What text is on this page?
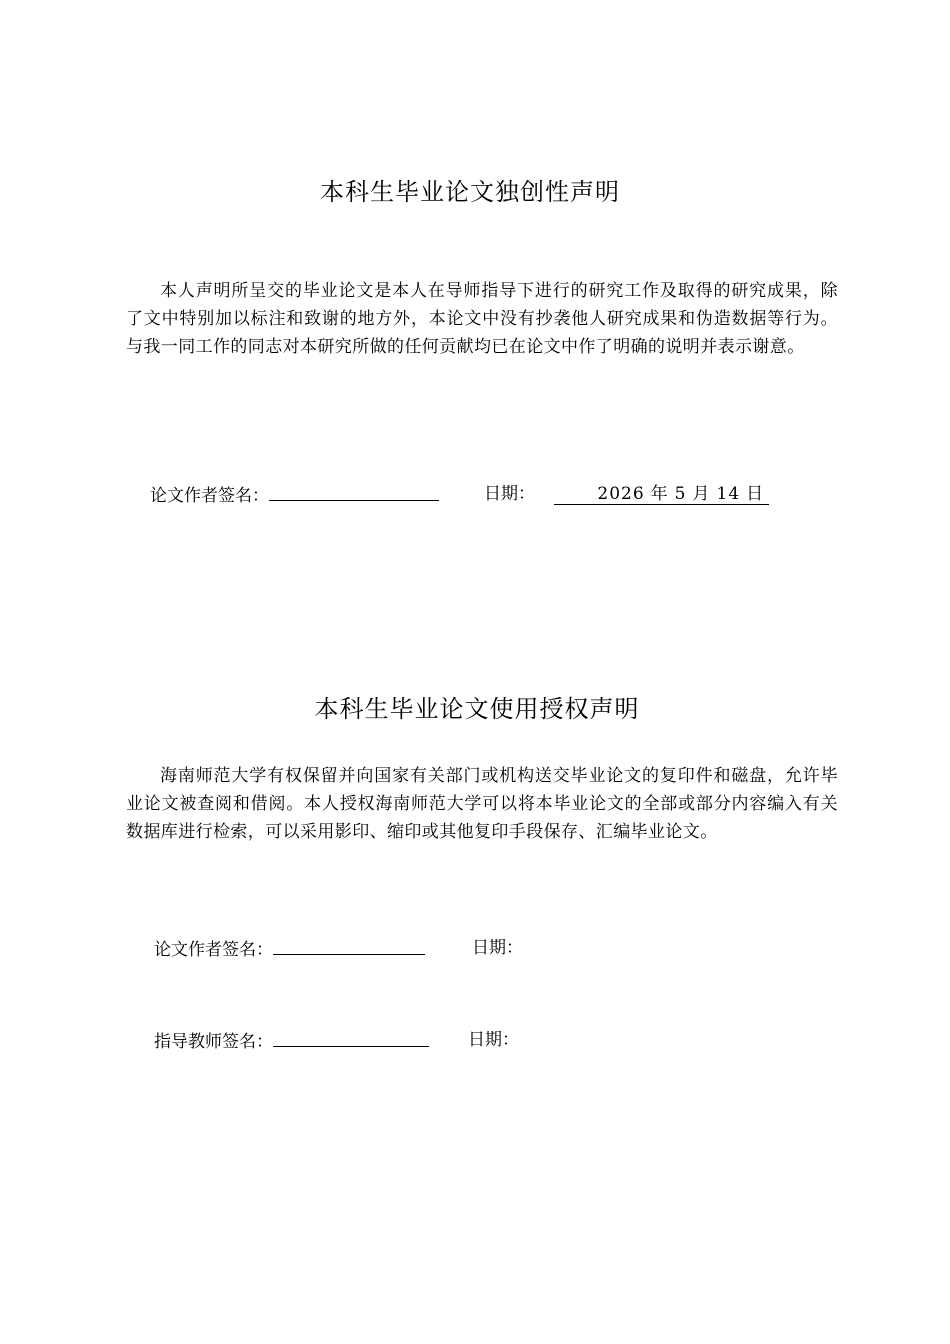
本科生毕业论文独创性声明
本人声明所呈交的毕业论文是本人在导师指导下进行的研究工作及取得的研究成果，除了文中特别加以标注和致谢的地方外，本论文中没有抄袭他人研究成果和伪造数据等行为。与我一同工作的同志对本研究所做的任何贡献均已在论文中作了明确的说明并表示谢意。
论文作者签名：	日期：	2026 年 5 月 14 日
本科生毕业论文使用授权声明
海南师范大学有权保留并向国家有关部门或机构送交毕业论文的复印件和磁盘，允许毕业论文被查阅和借阅。本人授权海南师范大学可以将本毕业论文的全部或部分内容编入有关数据库进行检索，可以采用影印、缩印或其他复印手段保存、汇编毕业论文。
论文作者签名：	日期：
指导教师签名：	日期：
